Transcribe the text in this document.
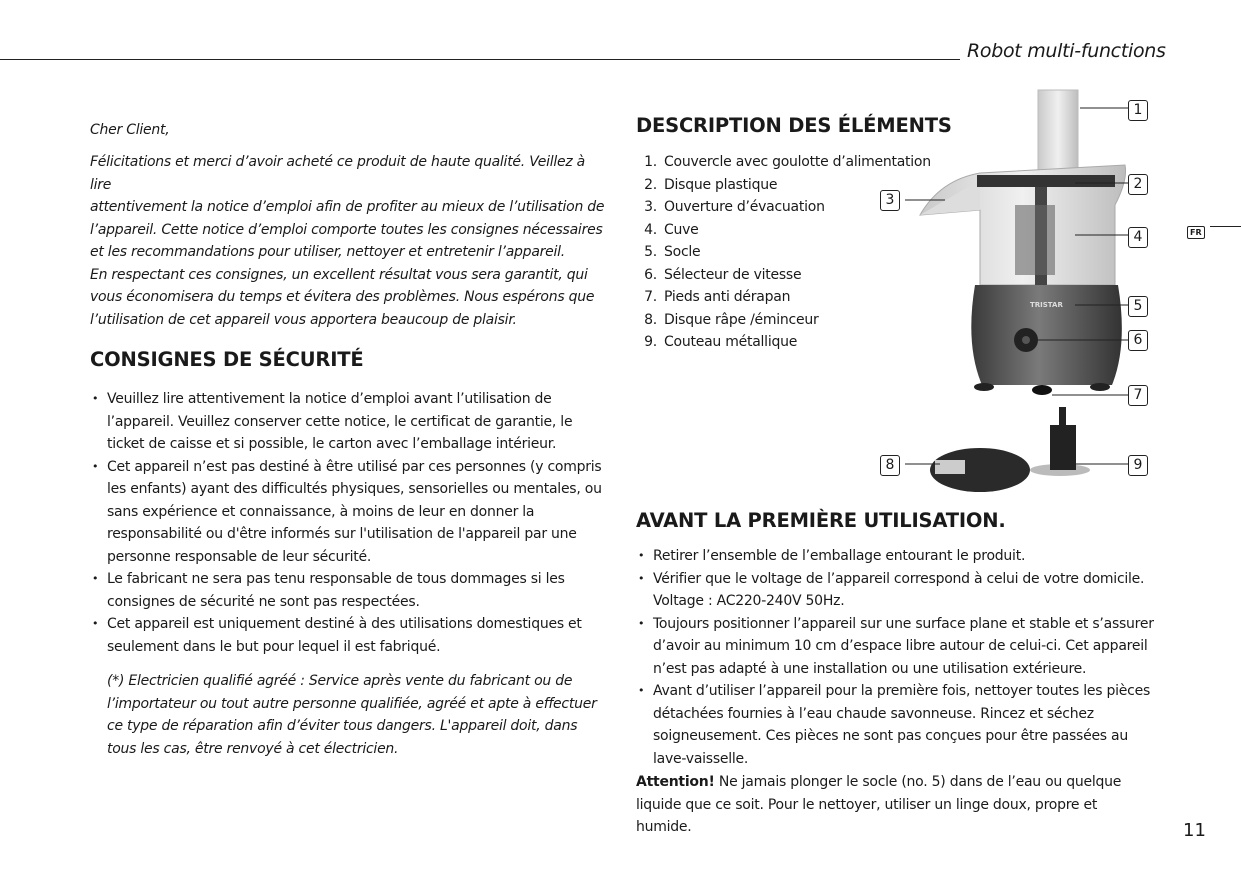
Robot multi-functions
Cher Client,
Félicitations et merci d’avoir acheté ce produit de haute qualité. Veillez à lire
attentivement la notice d’emploi afin de profiter au mieux de l’utilisation de
l’appareil. Cette notice d’emploi comporte toutes les consignes nécessaires
et les recommandations pour utiliser, nettoyer et entretenir l’appareil.
En respectant ces consignes, un excellent résultat vous sera garantit, qui
vous économisera du temps et évitera des problèmes. Nous espérons que
l’utilisation de cet appareil vous apportera beaucoup de plaisir.
CONSIGNES DE SÉCURITÉ
• Veuillez lire attentivement la notice d’emploi avant l’utilisation de l’appareil. Veuillez conserver cette notice, le certificat de garantie, le ticket de caisse et si possible, le carton avec l’emballage intérieur.
• Cet appareil n’est pas destiné à être utilisé par ces personnes (y compris les enfants) ayant des difficultés physiques, sensorielles ou mentales, ou sans expérience et connaissance, à moins de leur en donner la responsabilité ou d'être informés sur l'utilisation de l'appareil par une personne responsable de leur sécurité.
• Le fabricant ne sera pas tenu responsable de tous dommages si les consignes de sécurité ne sont pas respectées.
• Cet appareil est uniquement destiné à des utilisations domestiques et seulement dans le but pour lequel il est fabriqué.
(*) Electricien qualifié agréé : Service après vente du fabricant ou de l’importateur ou tout autre personne qualifiée, agréé et apte à effectuer ce type de réparation afin d’éviter tous dangers. L'appareil doit, dans tous les cas, être renvoyé à cet électricien.
DESCRIPTION DES ÉLÉMENTS
1. Couvercle avec goulotte d’alimentation
2. Disque plastique
3. Ouverture d’évacuation
4. Cuve
5. Socle
6. Sélecteur de vitesse
7. Pieds anti dérapan
8. Disque râpe /éminceur
9. Couteau métallique
TRISTAR
1
2
3
4
5
6
7
8	9
AVANT LA PREMIÈRE UTILISATION.
• Retirer l’ensemble de l’emballage entourant le produit.
• Vérifier que le voltage de l’appareil correspond à celui de votre domicile. Voltage : AC220-240V 50Hz.
• Toujours positionner l’appareil sur une surface plane et stable et s’assurer d’avoir au minimum 10 cm d’espace libre autour de celui-ci. Cet appareil n’est pas adapté à une installation ou une utilisation extérieure.
• Avant d’utiliser l’appareil pour la première fois, nettoyer toutes les pièces détachées fournies à l’eau chaude savonneuse. Rincez et séchez soigneusement. Ces pièces ne sont pas conçues pour être passées au lave-vaisselle.
Attention! Ne jamais plonger le socle (no. 5) dans de l’eau ou quelque liquide que ce soit. Pour le nettoyer, utiliser un linge doux, propre et humide.
FR
11
